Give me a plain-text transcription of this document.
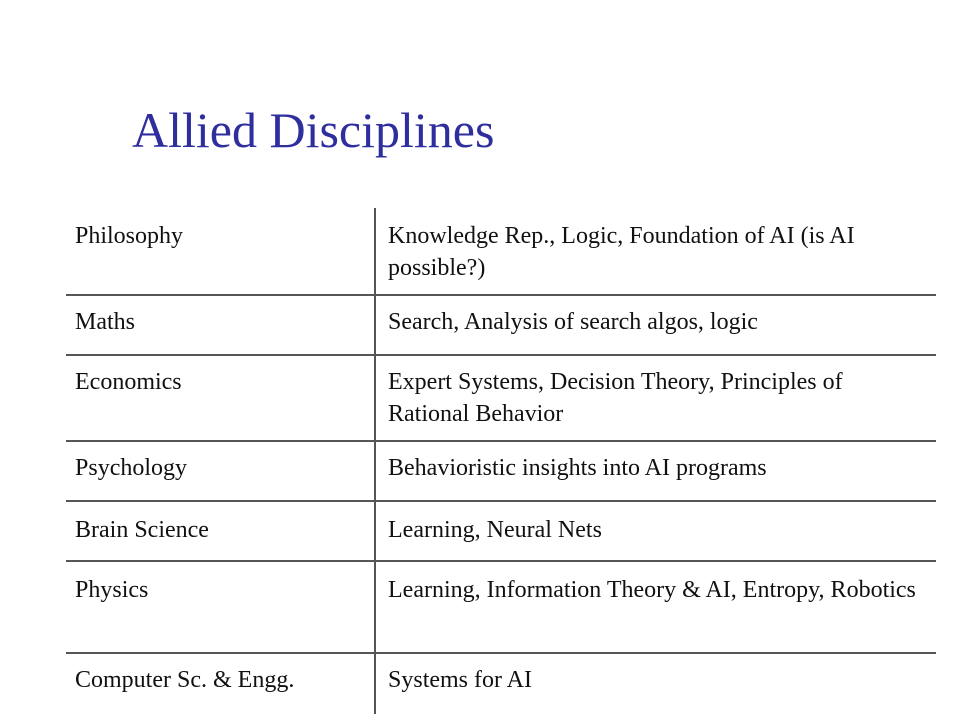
Allied Disciplines
Philosophy	Knowledge Rep., Logic, Foundation of AI (is AI possible?)
Maths	Search, Analysis of search algos, logic
Economics	Expert Systems, Decision Theory, Principles of Rational Behavior
Psychology	Behavioristic insights into AI programs
Brain Science	Learning, Neural Nets
Physics	Learning, Information Theory & AI, Entropy, Robotics
Computer Sc. & Engg.	Systems for AI
